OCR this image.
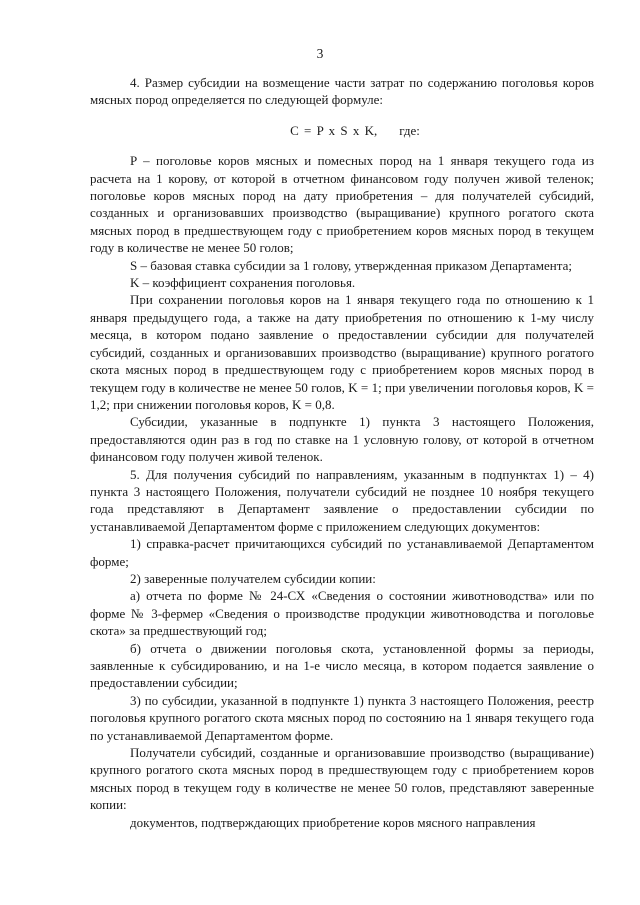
3

4. Размер субсидии на возмещение части затрат по содержанию поголовья коров мясных пород определяется по следующей формуле:

C = P x S x K, где:

P – поголовье коров мясных и помесных пород на 1 января текущего года из расчета на 1 корову, от которой в отчетном финансовом году получен живой теленок; поголовье коров мясных пород на дату приобретения – для получателей субсидий, созданных и организовавших производство (выращивание) крупного рогатого скота мясных пород в предшествующем году с приобретением коров мясных пород в текущем году в количестве не менее 50 голов;

S – базовая ставка субсидии за 1 голову, утвержденная приказом Департамента;

K – коэффициент сохранения поголовья.

При сохранении поголовья коров на 1 января текущего года по отношению к 1 января предыдущего года, а также на дату приобретения по отношению к 1-му числу месяца, в котором подано заявление о предоставлении субсидии для получателей субсидий, созданных и организовавших производство (выращивание) крупного рогатого скота мясных пород в предшествующем году с приобретением коров мясных пород в текущем году в количестве не менее 50 голов, K = 1; при увеличении поголовья коров, K = 1,2; при снижении поголовья коров, K = 0,8.

Субсидии, указанные в подпункте 1) пункта 3 настоящего Положения, предоставляются один раз в год по ставке на 1 условную голову, от которой в отчетном финансовом году получен живой теленок.

5. Для получения субсидий по направлениям, указанным в подпунктах 1) – 4) пункта 3 настоящего Положения, получатели субсидий не позднее 10 ноября текущего года представляют в Департамент заявление о предоставлении субсидии по устанавливаемой Департаментом форме с приложением следующих документов:

1) справка-расчет причитающихся субсидий по устанавливаемой Департаментом форме;

2) заверенные получателем субсидии копии:

а) отчета по форме № 24-СХ «Сведения о состоянии животноводства» или по форме № 3-фермер «Сведения о производстве продукции животноводства и поголовье скота» за предшествующий год;

б) отчета о движении поголовья скота, установленной формы за периоды, заявленные к субсидированию, и на 1-е число месяца, в котором подается заявление о предоставлении субсидии;

3) по субсидии, указанной в подпункте 1) пункта 3 настоящего Положения, реестр поголовья крупного рогатого скота мясных пород по состоянию на 1 января текущего года по устанавливаемой Департаментом форме.

Получатели субсидий, созданные и организовавшие производство (выращивание) крупного рогатого скота мясных пород в предшествующем году с приобретением коров мясных пород в текущем году в количестве не менее 50 голов, представляют заверенные копии:

документов, подтверждающих приобретение коров мясного направления
